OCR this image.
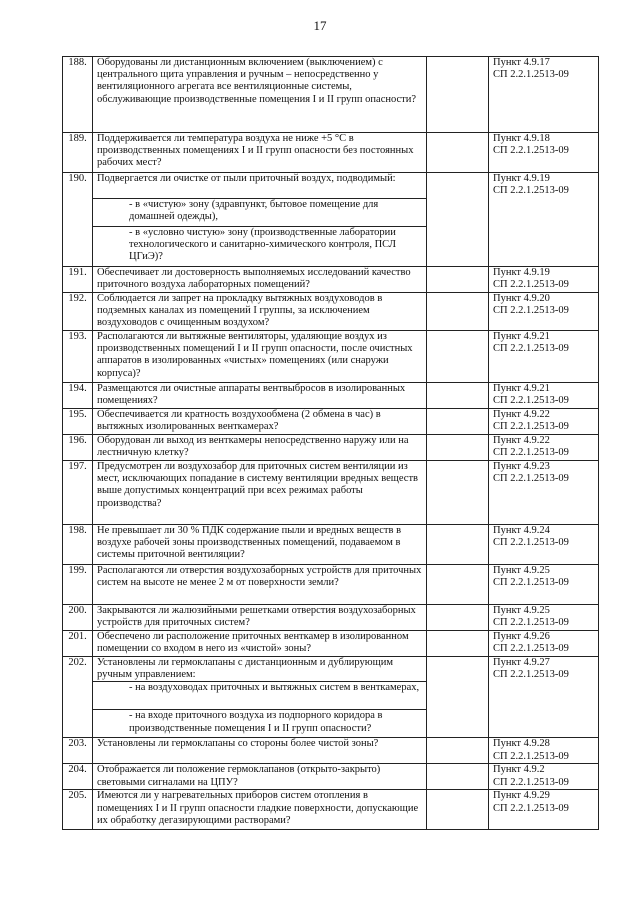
17
188.	Оборудованы ли дистанционным включением (выключением) с центрального щита управления и ручным – непосредственно у вентиляционного агрегата все вентиляционные системы, обслуживающие производственные помещения I и II групп опасности?		Пункт 4.9.17
СП 2.2.1.2513-09

189.	Поддерживается ли температура воздуха не ниже +5 °С в производственных помещениях I и II групп опасности без постоянных рабочих мест?		Пункт 4.9.18
СП 2.2.1.2513-09

190.	Подвергается ли очистке от пыли приточный воздух, подводимый:		Пункт 4.9.19
СП 2.2.1.2513-09

	- в «чистую» зону (здравпункт, бытовое помещение для домашней одежды),		
	- в «условно чистую» зону (производственные лаборатории технологического и санитарно-химического контроля, ПСЛ ЦГиЭ)?		
191.	Обеспечивает ли достоверность выполняемых исследований качество приточного воздуха лабораторных помещений?		Пункт 4.9.19
СП 2.2.1.2513-09

192.	Соблюдается ли запрет на прокладку вытяжных воздуховодов в подземных каналах из помещений I группы, за исключением воздуховодов с очищенным воздухом?		Пункт 4.9.20
СП 2.2.1.2513-09

193.	Располагаются ли вытяжные вентиляторы, удаляющие воздух из производственных помещений I и II групп опасности, после очистных аппаратов в изолированных «чистых» помещениях (или снаружи корпуса)?		Пункт 4.9.21
СП 2.2.1.2513-09

194.	Размещаются ли очистные аппараты вентвыбросов в изолированных помещениях?		Пункт 4.9.21
СП 2.2.1.2513-09

195.	Обеспечивается ли кратность воздухообмена (2 обмена в час) в вытяжных изолированных венткамерах?		Пункт 4.9.22
СП 2.2.1.2513-09

196.	Оборудован ли выход из венткамеры непосредственно наружу или на лестничную клетку?		Пункт 4.9.22
СП 2.2.1.2513-09

197.	Предусмотрен ли воздухозабор для приточных систем вентиляции из мест, исключающих попадание в систему вентиляции вредных веществ выше допустимых концентраций при всех режимах работы производства?		Пункт 4.9.23
СП 2.2.1.2513-09

198.	Не превышает ли 30 % ПДК содержание пыли и вредных веществ в воздухе рабочей зоны производственных помещений, подаваемом в системы приточной вентиляции?		Пункт 4.9.24
СП 2.2.1.2513-09

199.	Располагаются ли отверстия воздухозаборных устройств для приточных систем на высоте не менее 2 м от поверхности земли?		Пункт 4.9.25
СП 2.2.1.2513-09

200.	Закрываются ли жалюзийными решетками отверстия воздухозаборных устройств для приточных систем?		Пункт 4.9.25
СП 2.2.1.2513-09

201.	Обеспечено ли расположение приточных венткамер в изолированном помещении со входом в него из «чистой» зоны?		Пункт 4.9.26
СП 2.2.1.2513-09

202.	Установлены ли гермоклапаны с дистанционным и дублирующим ручным управлением:		Пункт 4.9.27
СП 2.2.1.2513-09

	- на воздуховодах приточных и вытяжных систем в венткамерах,		
	- на входе приточного воздуха из подпорного коридора в производственные помещения I и II групп опасности?		
203.	Установлены ли гермоклапаны со стороны более чистой зоны?		Пункт 4.9.28
СП 2.2.1.2513-09

204.	Отображается ли положение гермоклапанов (открыто-закрыто) световыми сигналами на ЦПУ?		Пункт 4.9.2
СП 2.2.1.2513-09

205.	Имеются ли у нагревательных приборов систем отопления в помещениях I и II групп опасности гладкие поверхности, допускающие их обработку дегазирующими растворами?		Пункт 4.9.29
СП 2.2.1.2513-09
